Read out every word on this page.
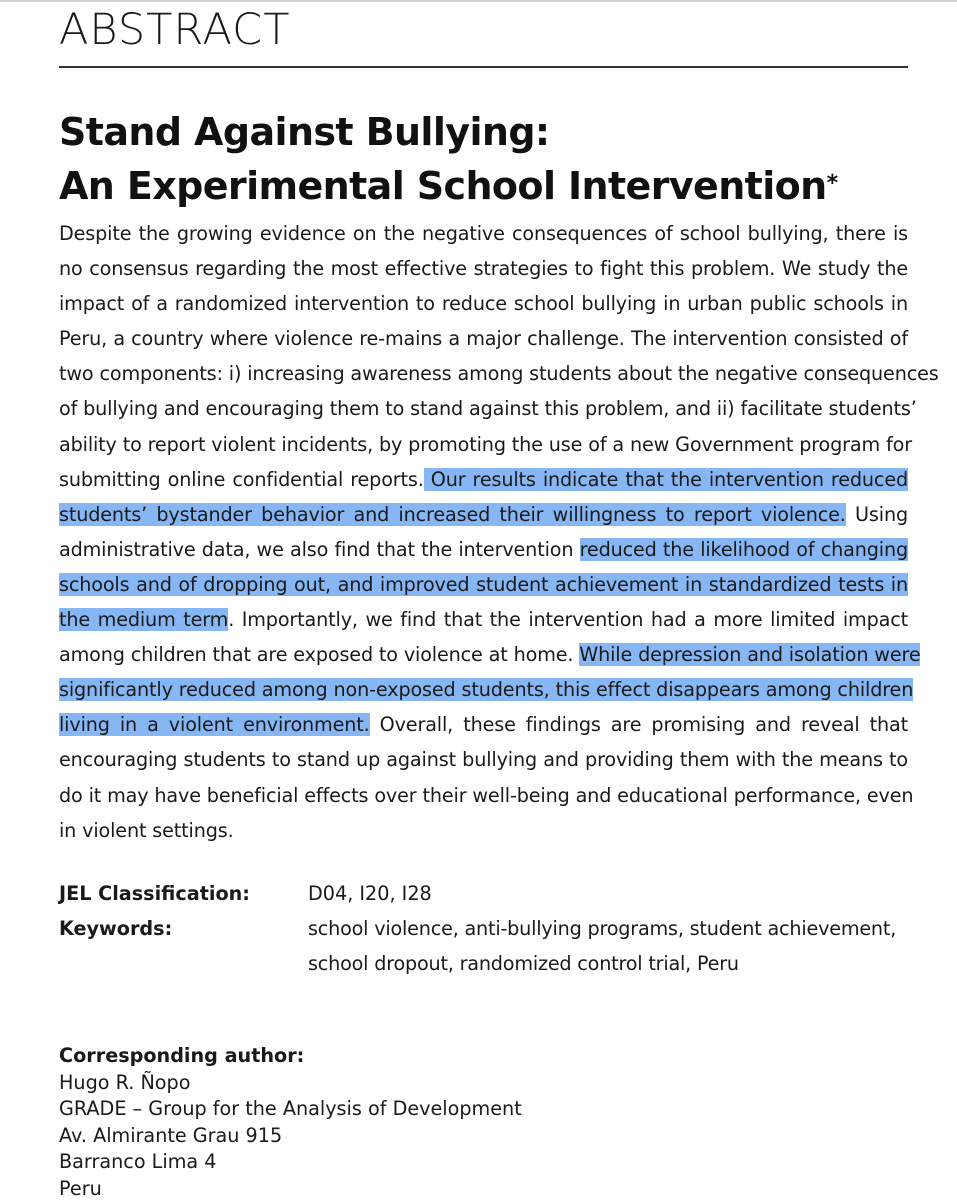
ABSTRACT
Stand Against Bullying:
An Experimental School Intervention*
Despite the growing evidence on the negative consequences of school bullying, there is
no consensus regarding the most effective strategies to fight this problem. We study the
impact of a randomized intervention to reduce school bullying in urban public schools in
Peru, a country where violence re-mains a major challenge. The intervention consisted of
two components: i) increasing awareness among students about the negative consequences
of bullying and encouraging them to stand against this problem, and ii) facilitate students’
ability to report violent incidents, by promoting the use of a new Government program for
submitting online confidential reports. Our results indicate that the intervention reduced
students’ bystander behavior and increased their willingness to report violence. Using
administrative data, we also find that the intervention reduced the likelihood of changing
schools and of dropping out, and improved student achievement in standardized tests in
the medium term. Importantly, we find that the intervention had a more limited impact
among children that are exposed to violence at home. While depression and isolation were
significantly reduced among non-exposed students, this effect disappears among children
living in a violent environment. Overall, these findings are promising and reveal that
encouraging students to stand up against bullying and providing them with the means to
do it may have beneficial effects over their well-being and educational performance, even
in violent settings.
JEL Classification:	D04, I20, I28
Keywords:	school violence, anti-bullying programs, student achievement,
school dropout, randomized control trial, Peru
Corresponding author:
Hugo R. Ñopo
GRADE – Group for the Analysis of Development
Av. Almirante Grau 915
Barranco Lima 4
Peru
